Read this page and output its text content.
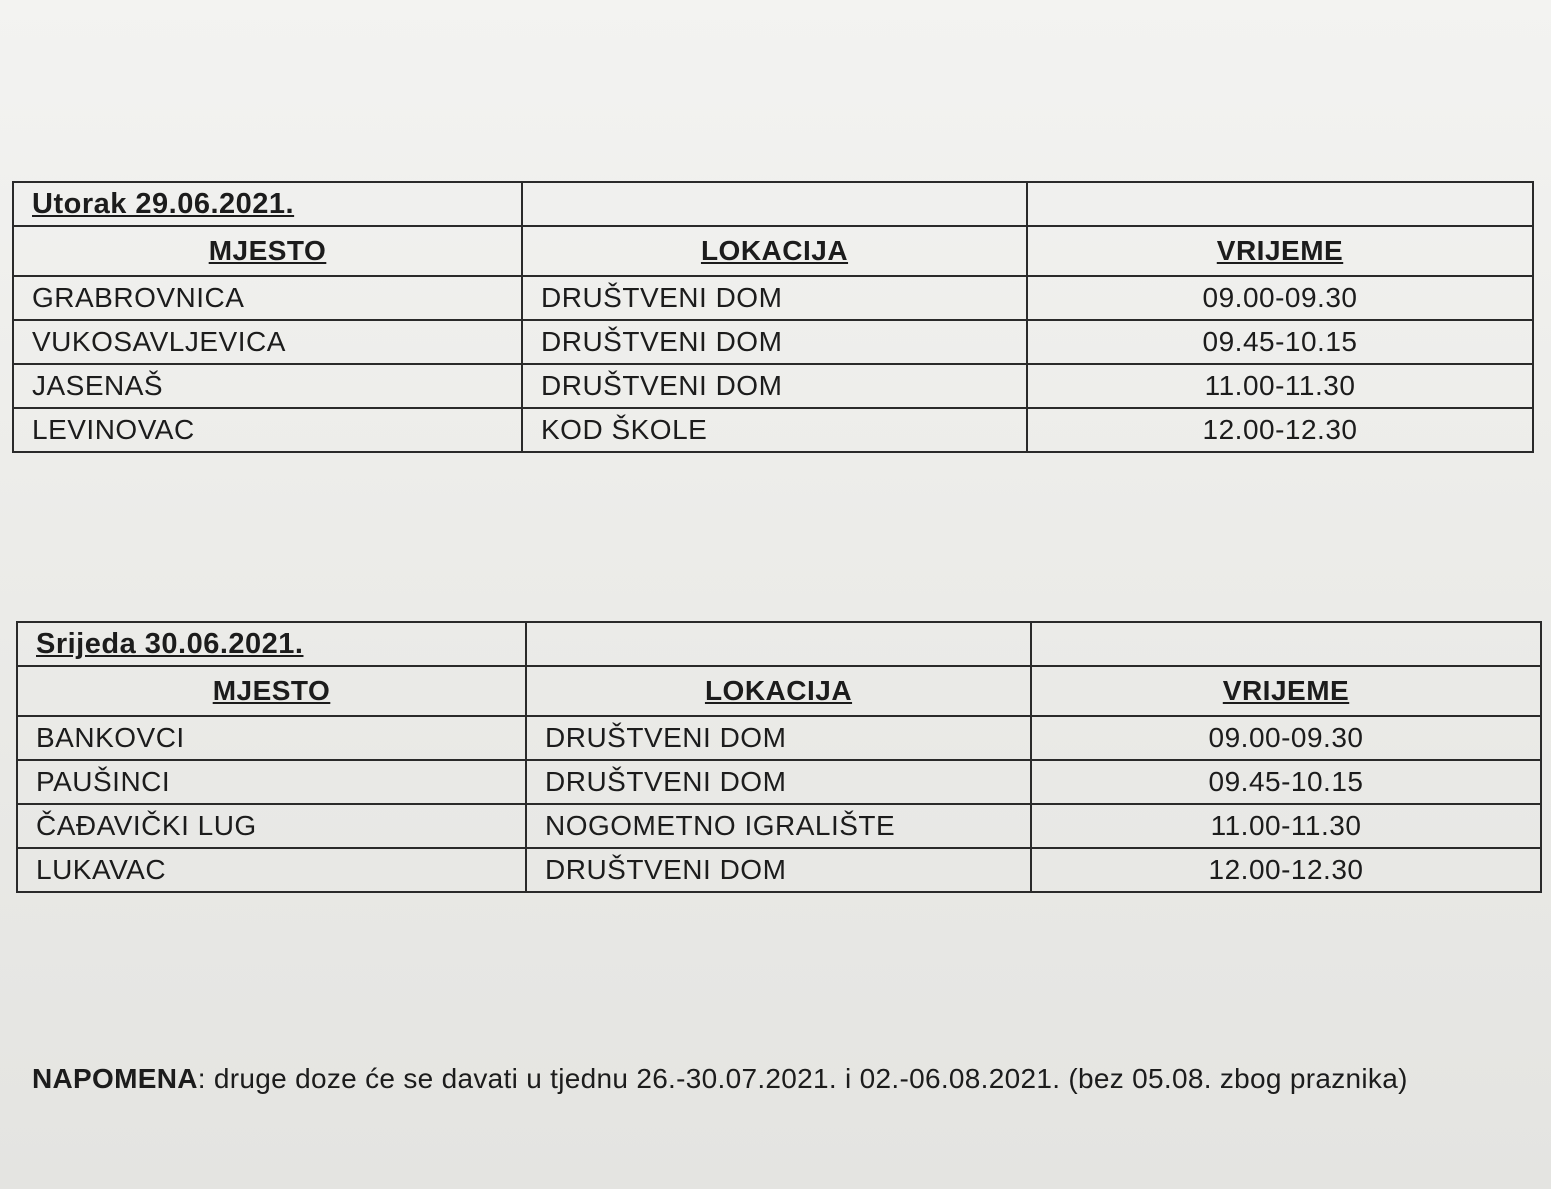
Utorak 29.06.2021.		
MJESTO	LOKACIJA	VRIJEME
GRABROVNICA	DRUŠTVENI DOM	09.00-09.30
VUKOSAVLJEVICA	DRUŠTVENI DOM	09.45-10.15
JASENAŠ	DRUŠTVENI DOM	11.00-11.30
LEVINOVAC	KOD ŠKOLE	12.00-12.30
Srijeda 30.06.2021.		
MJESTO	LOKACIJA	VRIJEME
BANKOVCI	DRUŠTVENI DOM	09.00-09.30
PAUŠINCI	DRUŠTVENI DOM	09.45-10.15
ČAĐAVIČKI LUG	NOGOMETNO IGRALIŠTE	11.00-11.30
LUKAVAC	DRUŠTVENI DOM	12.00-12.30
NAPOMENA: druge doze će se davati u tjednu 26.-30.07.2021. i 02.-06.08.2021. (bez 05.08. zbog praznika)
